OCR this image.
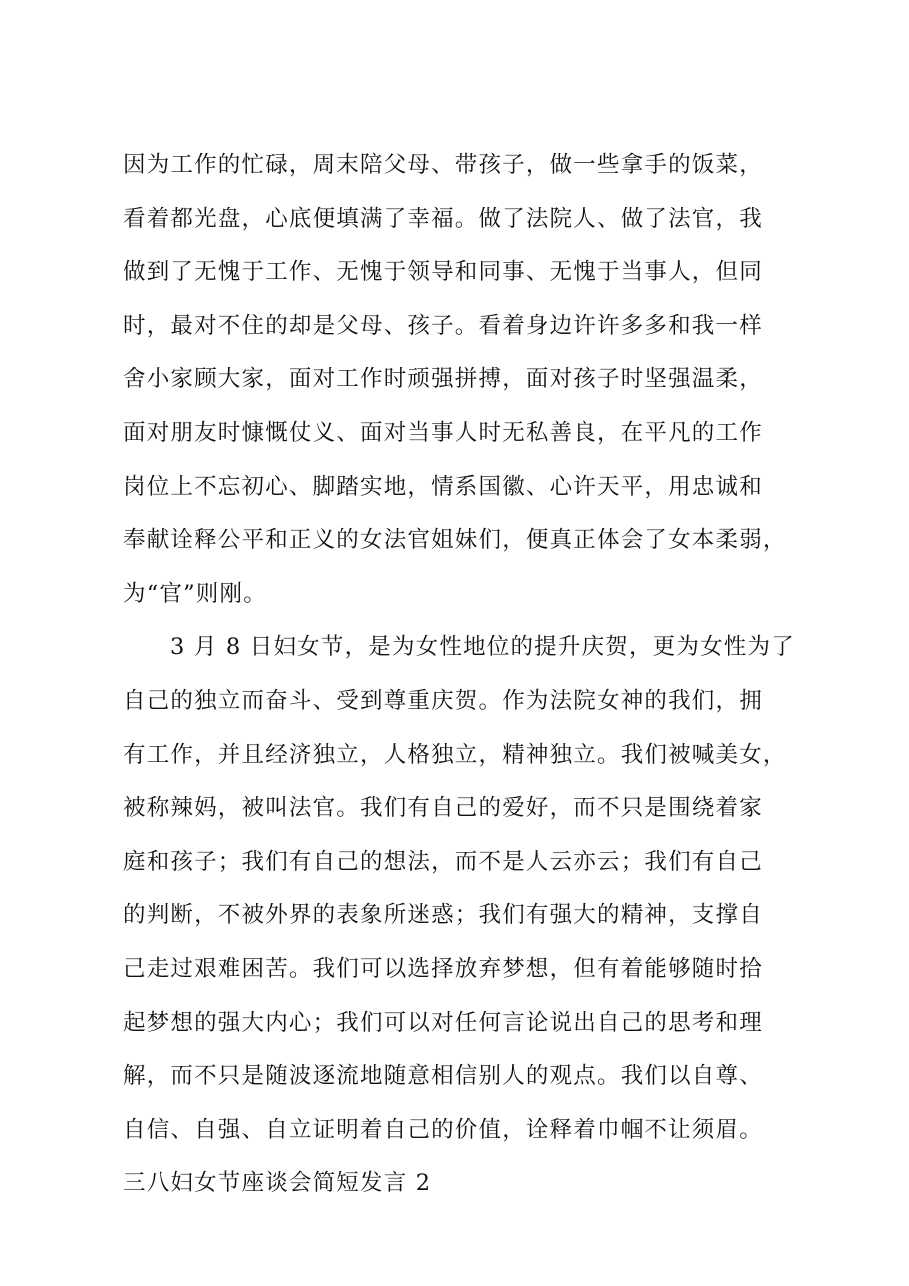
因为工作的忙碌，周末陪父母、带孩子，做一些拿手的饭菜，
看着都光盘，心底便填满了幸福。做了法院人、做了法官，我
做到了无愧于工作、无愧于领导和同事、无愧于当事人，但同
时，最对不住的却是父母、孩子。看着身边许许多多和我一样
舍小家顾大家，面对工作时顽强拼搏，面对孩子时坚强温柔，
面对朋友时慷慨仗义、面对当事人时无私善良，在平凡的工作
岗位上不忘初心、脚踏实地，情系国徽、心许天平，用忠诚和
奉献诠释公平和正义的女法官姐妹们，便真正体会了女本柔弱，
为“官”则刚。
3 月 8 日妇女节，是为女性地位的提升庆贺，更为女性为了
自己的独立而奋斗、受到尊重庆贺。作为法院女神的我们，拥
有工作，并且经济独立，人格独立，精神独立。我们被喊美女，
被称辣妈，被叫法官。我们有自己的爱好，而不只是围绕着家
庭和孩子；我们有自己的想法，而不是人云亦云；我们有自己
的判断，不被外界的表象所迷惑；我们有强大的精神，支撑自
己走过艰难困苦。我们可以选择放弃梦想，但有着能够随时拾
起梦想的强大内心；我们可以对任何言论说出自己的思考和理
解，而不只是随波逐流地随意相信别人的观点。我们以自尊、
自信、自强、自立证明着自己的价值，诠释着巾帼不让须眉。
三八妇女节座谈会简短发言 2
